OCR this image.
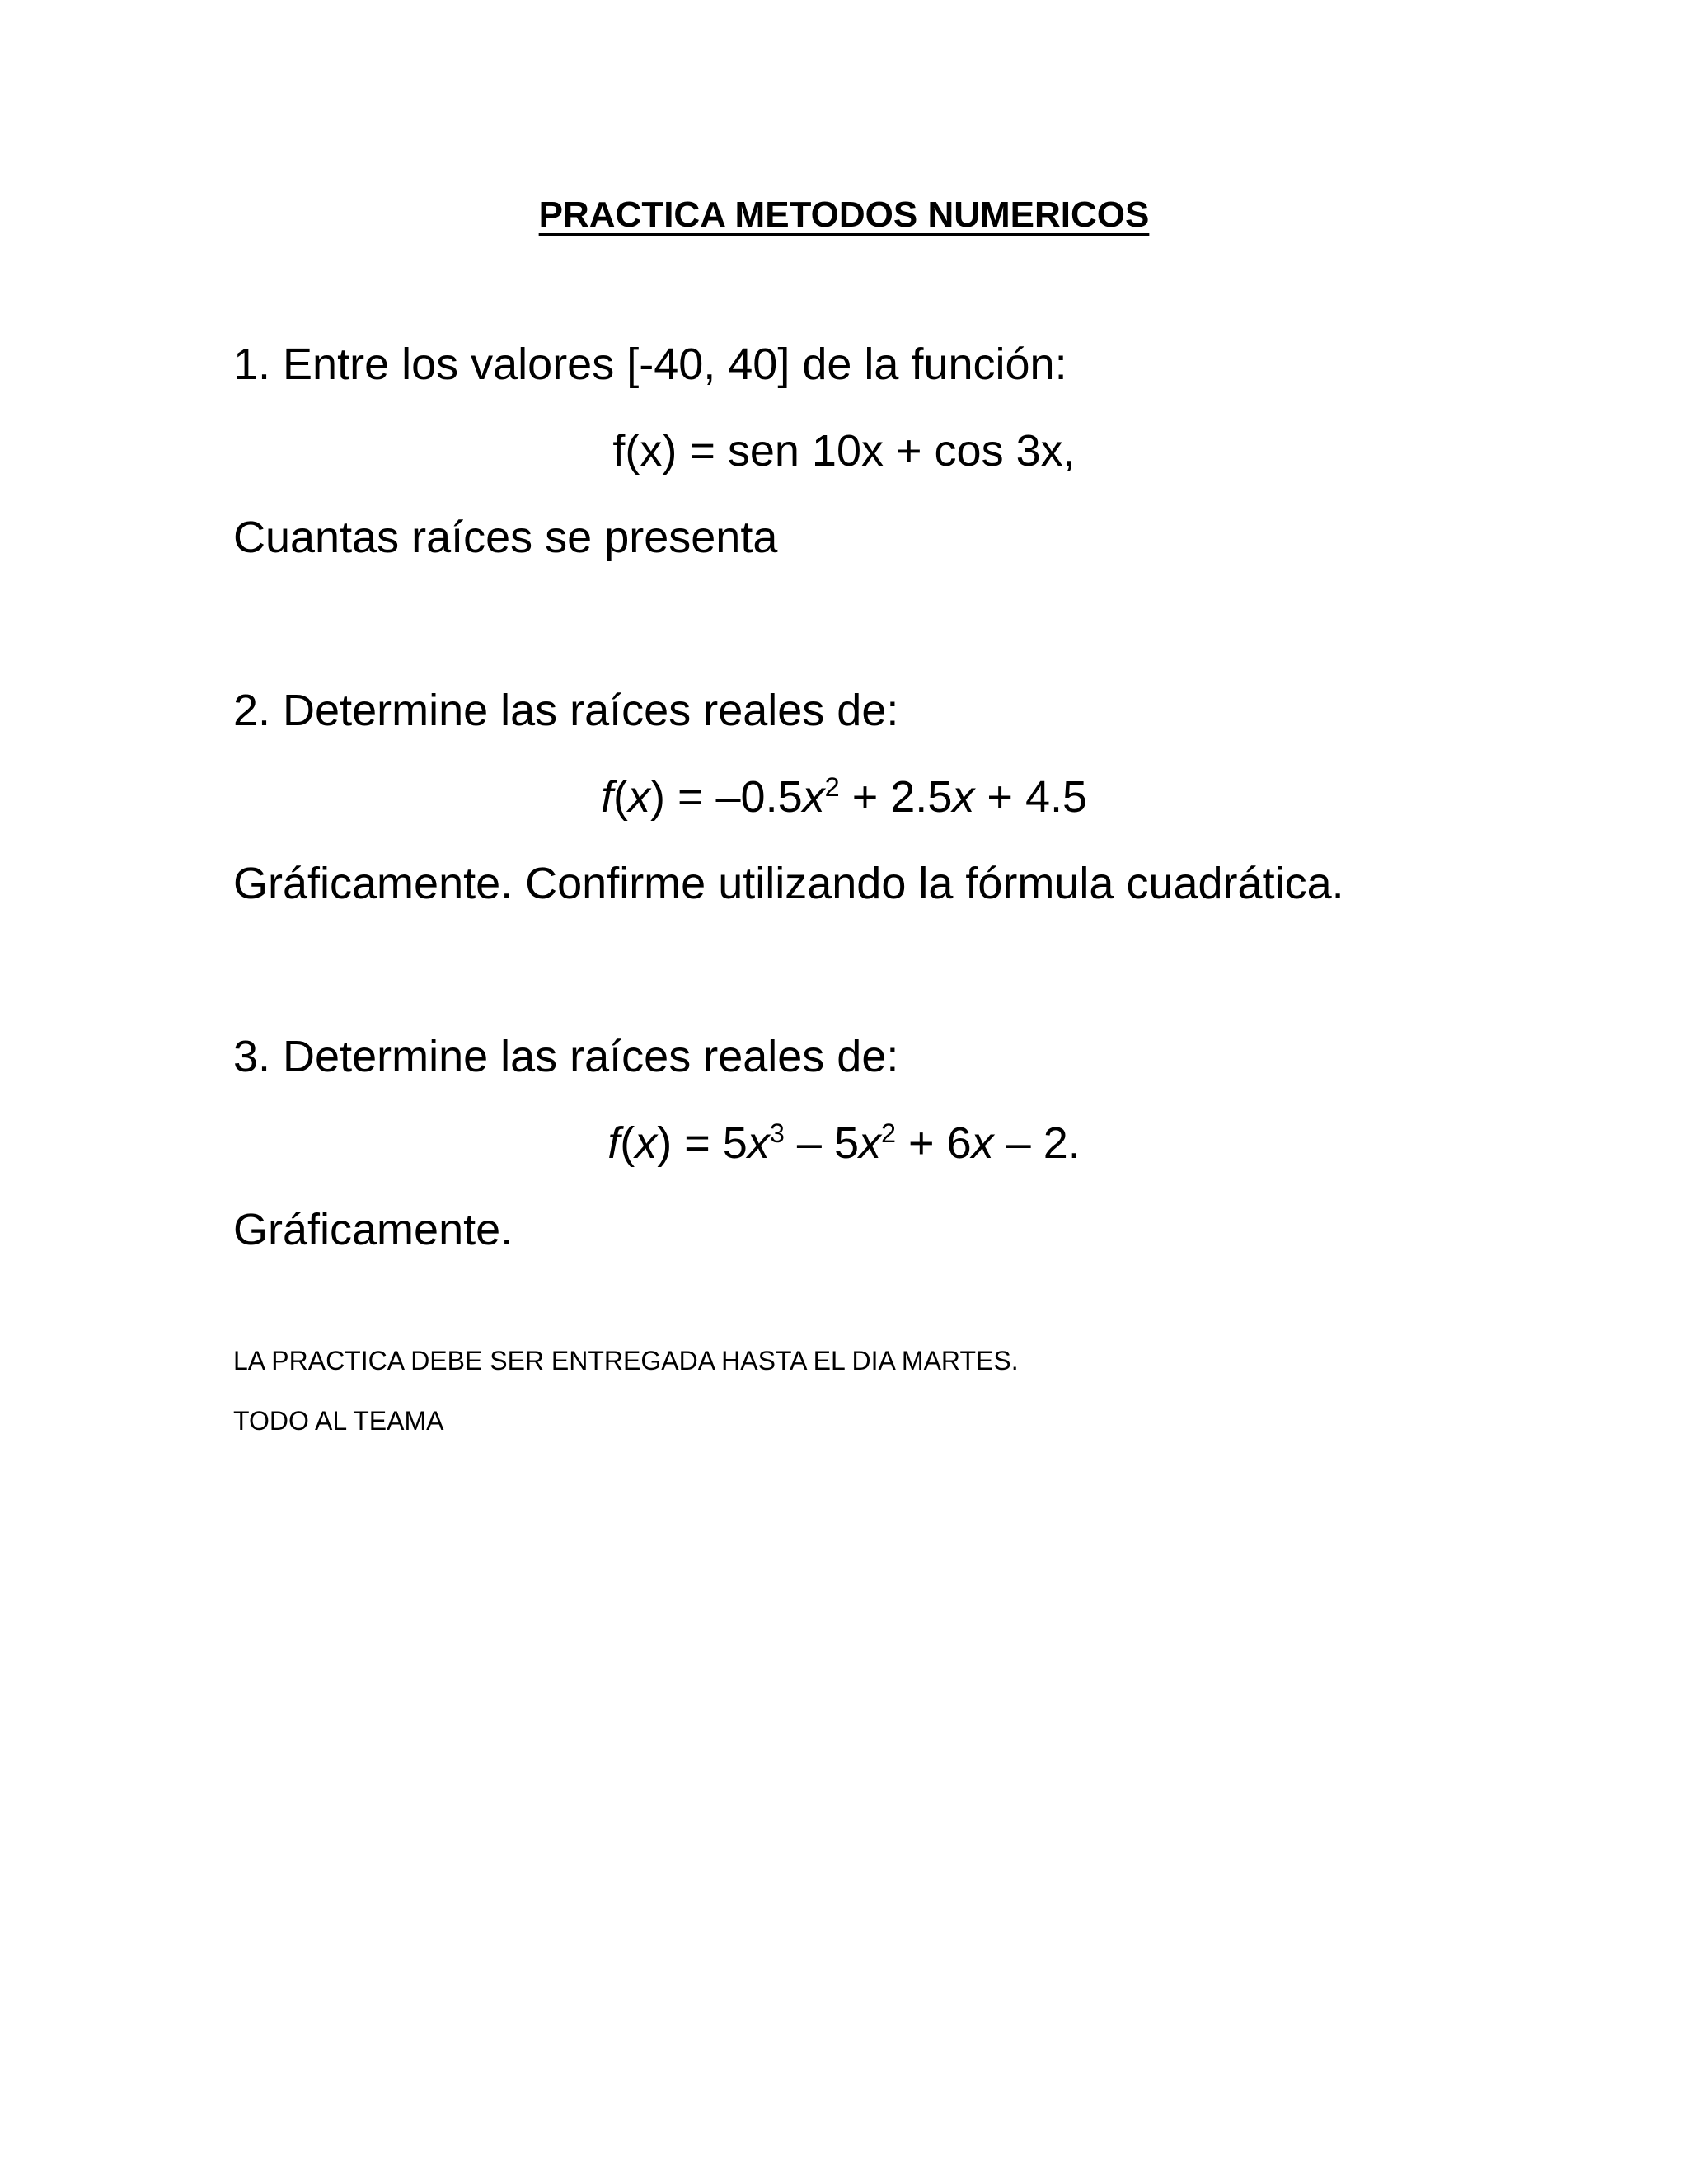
PRACTICA METODOS NUMERICOS
1. Entre los valores [-40, 40] de la función:
f(x) = sen 10x + cos 3x,
Cuantas raíces se presenta
2. Determine las raíces reales de:
$f(x) = -0.5x^2 + 2.5x + 4.5$
Gráficamente. Confirme utilizando la fórmula cuadrática.
3. Determine las raíces reales de:
$f(x) = 5x^3 - 5x^2 + 6x - 2$.
Gráficamente.
LA PRACTICA DEBE SER ENTREGADA HASTA EL DIA MARTES.
TODO AL TEAMA
